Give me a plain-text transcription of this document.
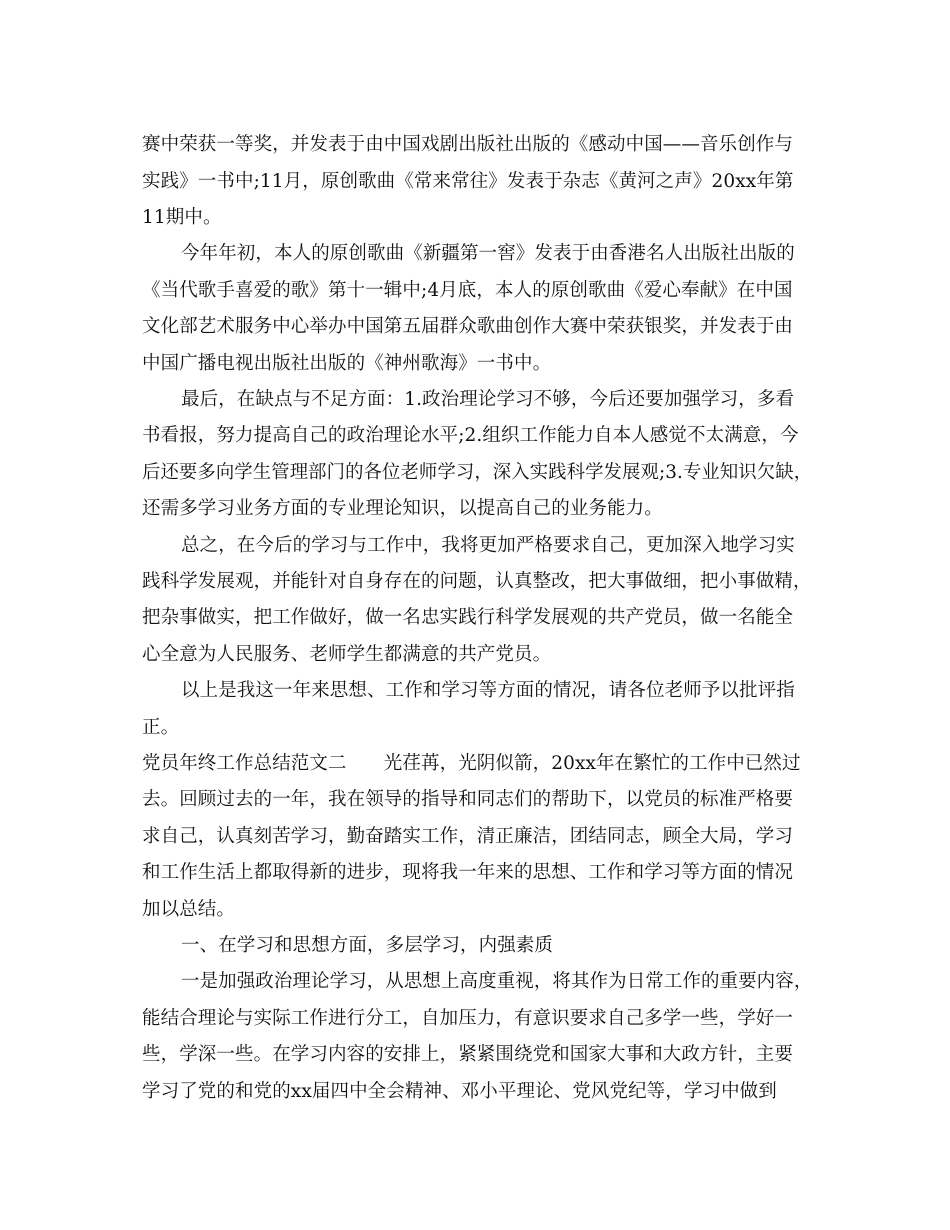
赛中荣获一等奖，并发表于由中国戏剧出版社出版的《感动中国——音乐创作与
实践》一书中;11月，原创歌曲《常来常往》发表于杂志《黄河之声》20xx年第
11期中。
今年年初，本人的原创歌曲《新疆第一窖》发表于由香港名人出版社出版的
《当代歌手喜爱的歌》第十一辑中;4月底，本人的原创歌曲《爱心奉献》在中国
文化部艺术服务中心举办中国第五届群众歌曲创作大赛中荣获银奖，并发表于由
中国广播电视出版社出版的《神州歌海》一书中。
最后，在缺点与不足方面：1.政治理论学习不够，今后还要加强学习，多看
书看报，努力提高自己的政治理论水平;2.组织工作能力自本人感觉不太满意，今
后还要多向学生管理部门的各位老师学习，深入实践科学发展观;3.专业知识欠缺，
还需多学习业务方面的专业理论知识，以提高自己的业务能力。
总之，在今后的学习与工作中，我将更加严格要求自己，更加深入地学习实
践科学发展观，并能针对自身存在的问题，认真整改，把大事做细，把小事做精，
把杂事做实，把工作做好，做一名忠实践行科学发展观的共产党员，做一名能全
心全意为人民服务、老师学生都满意的共产党员。
以上是我这一年来思想、工作和学习等方面的情况，请各位老师予以批评指
正。
党员年终工作总结范文二　　光荏苒，光阴似箭，20xx年在繁忙的工作中已然过
去。回顾过去的一年，我在领导的指导和同志们的帮助下，以党员的标准严格要
求自己，认真刻苦学习，勤奋踏实工作，清正廉洁，团结同志，顾全大局，学习
和工作生活上都取得新的进步，现将我一年来的思想、工作和学习等方面的情况
加以总结。
一、在学习和思想方面，多层学习，内强素质
一是加强政治理论学习，从思想上高度重视，将其作为日常工作的重要内容，
能结合理论与实际工作进行分工，自加压力，有意识要求自己多学一些，学好一
些，学深一些。在学习内容的安排上，紧紧围绕党和国家大事和大政方针，主要
学习了党的和党的xx届四中全会精神、邓小平理论、党风党纪等，学习中做到
